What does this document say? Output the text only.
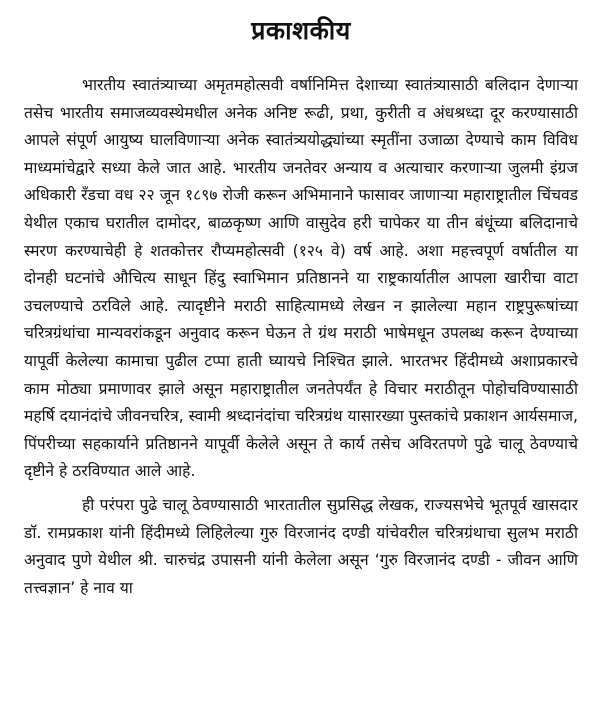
प्रकाशकीय

भारतीय स्वातंत्र्याच्या अमृतमहोत्सवी वर्षानिमित्त देशाच्या स्वातंत्र्यासाठी बलिदान देणाऱ्या तसेच भारतीय समाजव्यवस्थेमधील अनेक अनिष्ट रूढी, प्रथा, कुरीती व अंधश्रध्दा दूर करण्यासाठी आपले संपूर्ण आयुष्य घालविणाऱ्या अनेक स्वातंत्र्ययोद्ध्यांच्या स्मृतींना उजाळा देण्याचे काम विविध माध्यमांचेद्वारे सध्या केले जात आहे. भारतीय जनतेवर अन्याय व अत्याचार करणाऱ्या जुलमी इंग्रज अधिकारी रँडचा वध २२ जून १८९७ रोजी करून अभिमानाने फासावर जाणाऱ्या महाराष्ट्रातील चिंचवड येथील एकाच घरातील दामोदर, बाळकृष्ण आणि वासुदेव हरी चापेकर या तीन बंधूंच्या बलिदानाचे स्मरण करण्याचेही हे शतकोत्तर रौप्यमहोत्सवी (१२५ वे) वर्ष आहे. अशा महत्त्वपूर्ण वर्षातील या दोनही घटनांचे औचित्य साधून हिंदु स्वाभिमान प्रतिष्ठानने या राष्ट्रकार्यातील आपला खारीचा वाटा उचलण्याचे ठरविले आहे. त्यादृष्टीने मराठी साहित्यामध्ये लेखन न झालेल्या महान राष्ट्रपुरूषांच्या चरित्रग्रंथांचा मान्यवरांकडून अनुवाद करून घेऊन ते ग्रंथ मराठी भाषेमधून उपलब्ध करून देण्याच्या यापूर्वी केलेल्या कामाचा पुढील टप्पा हाती घ्यायचे निश्चित झाले. भारतभर हिंदीमध्ये अशाप्रकारचे काम मोठ्या प्रमाणावर झाले असून महाराष्ट्रातील जनतेपर्यंत हे विचार मराठीतून पोहोचविण्यासाठी महर्षि दयानंदांचे जीवनचरित्र, स्वामी श्रध्दानंदांचा चरित्रग्रंथ यासारख्या पुस्तकांचे प्रकाशन आर्यसमाज, पिंपरीच्या सहकार्याने प्रतिष्ठानने यापूर्वी केलेले असून ते कार्य तसेच अविरतपणे पुढे चालू ठेवण्याचे दृष्टीने हे ठरविण्यात आले आहे.

ही परंपरा पुढे चालू ठेवण्यासाठी भारतातील सुप्रसिद्ध लेखक, राज्यसभेचे भूतपूर्व खासदार डॉ. रामप्रकाश यांनी हिंदीमध्ये लिहिलेल्या गुरु विरजानंद दण्डी यांचेवरील चरित्रग्रंथाचा सुलभ मराठी अनुवाद पुणे येथील श्री. चारुचंद्र उपासनी यांनी केलेला असून ‘गुरु विरजानंद दण्डी - जीवन आणि तत्त्वज्ञान’ हे नाव या
